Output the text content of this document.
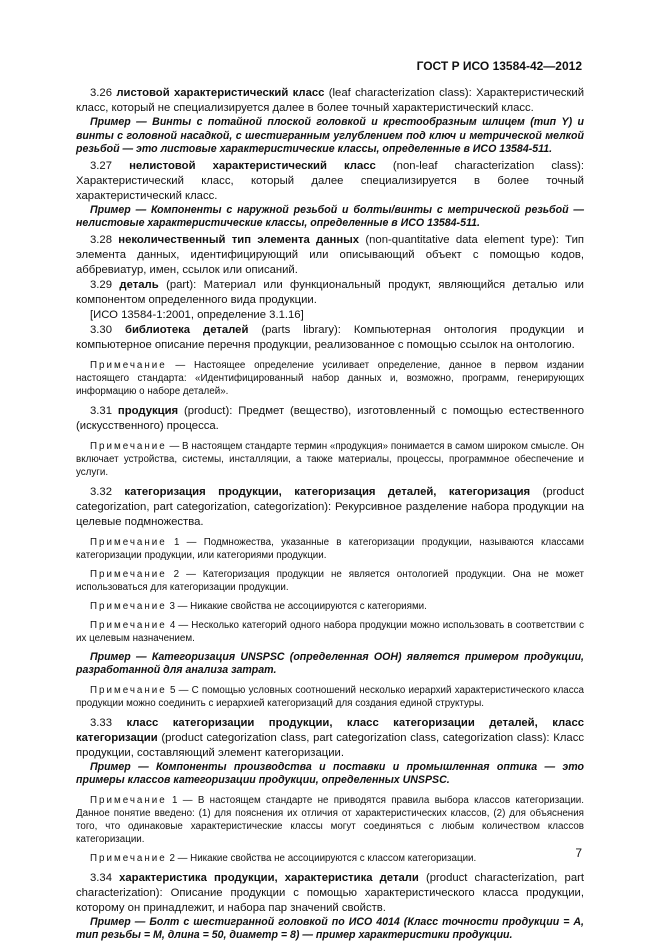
ГОСТ Р ИСО 13584-42—2012

3.26 листовой характеристический класс (leaf characterization class): Характеристический класс, который не специализируется далее в более точный характеристический класс.

Пример — Винты с потайной плоской головкой и крестообразным шлицем (тип Y) и винты с головной насадкой, с шестигранным углублением под ключ и метрической мелкой резьбой — это листовые характеристические классы, определенные в ИСО 13584-511.

3.27 нелистовой характеристический класс (non-leaf characterization class): Характеристический класс, который далее специализируется в более точный характеристический класс.

Пример — Компоненты с наружной резьбой и болты/винты с метрической резьбой — нелистовые характеристические классы, определенные в ИСО 13584-511.

3.28 неколичественный тип элемента данных (non-quantitative data element type): Тип элемента данных, идентифицирующий или описывающий объект с помощью кодов, аббревиатур, имен, ссылок или описаний.

3.29 деталь (part): Материал или функциональный продукт, являющийся деталью или компонентом определенного вида продукции.

[ИСО 13584-1:2001, определение 3.1.16]

3.30 библиотека деталей (parts library): Компьютерная онтология продукции и компьютерное описание перечня продукции, реализованное с помощью ссылок на онтологию.

Примечание — Настоящее определение усиливает определение, данное в первом издании настоящего стандарта: «Идентифицированный набор данных и, возможно, программ, генерирующих информацию о наборе деталей».

3.31 продукция (product): Предмет (вещество), изготовленный с помощью естественного (искусственного) процесса.

Примечание — В настоящем стандарте термин «продукция» понимается в самом широком смысле. Он включает устройства, системы, инсталляции, а также материалы, процессы, программное обеспечение и услуги.

3.32 категоризация продукции, категоризация деталей, категоризация (product categorization, part categorization, categorization): Рекурсивное разделение набора продукции на целевые подмножества.

Примечание 1 — Подмножества, указанные в категоризации продукции, называются классами категоризации продукции, или категориями продукции.

Примечание 2 — Категоризация продукции не является онтологией продукции. Она не может использоваться для категоризации продукции.

Примечание 3 — Никакие свойства не ассоциируются с категориями.

Примечание 4 — Несколько категорий одного набора продукции можно использовать в соответствии с их целевым назначением.

Пример — Категоризация UNSPSC (определенная ООН) является примером продукции, разработанной для анализа затрат.

Примечание 5 — С помощью условных соотношений несколько иерархий характеристического класса продукции можно соединить с иерархией категоризаций для создания единой структуры.

3.33 класс категоризации продукции, класс категоризации деталей, класс категоризации (product categorization class, part categorization class, categorization class): Класс продукции, составляющий элемент категоризации.

Пример — Компоненты производства и поставки и промышленная оптика — это примеры классов категоризации продукции, определенных UNSPSC.

Примечание 1 — В настоящем стандарте не приводятся правила выбора классов категоризации. Данное понятие введено: (1) для пояснения их отличия от характеристических классов, (2) для объяснения того, что одинаковые характеристические классы могут соединяться с любым количеством классов категоризации.

Примечание 2 — Никакие свойства не ассоциируются с классом категоризации.

3.34 характеристика продукции, характеристика детали (product characterization, part characterization): Описание продукции с помощью характеристического класса продукции, которому он принадлежит, и набора пар значений свойств.

Пример — Болт с шестигранной головкой по ИСО 4014 (Класс точности продукции = A, тип резьбы = M, длина = 50, диаметр = 8) — пример характеристики продукции.

7
